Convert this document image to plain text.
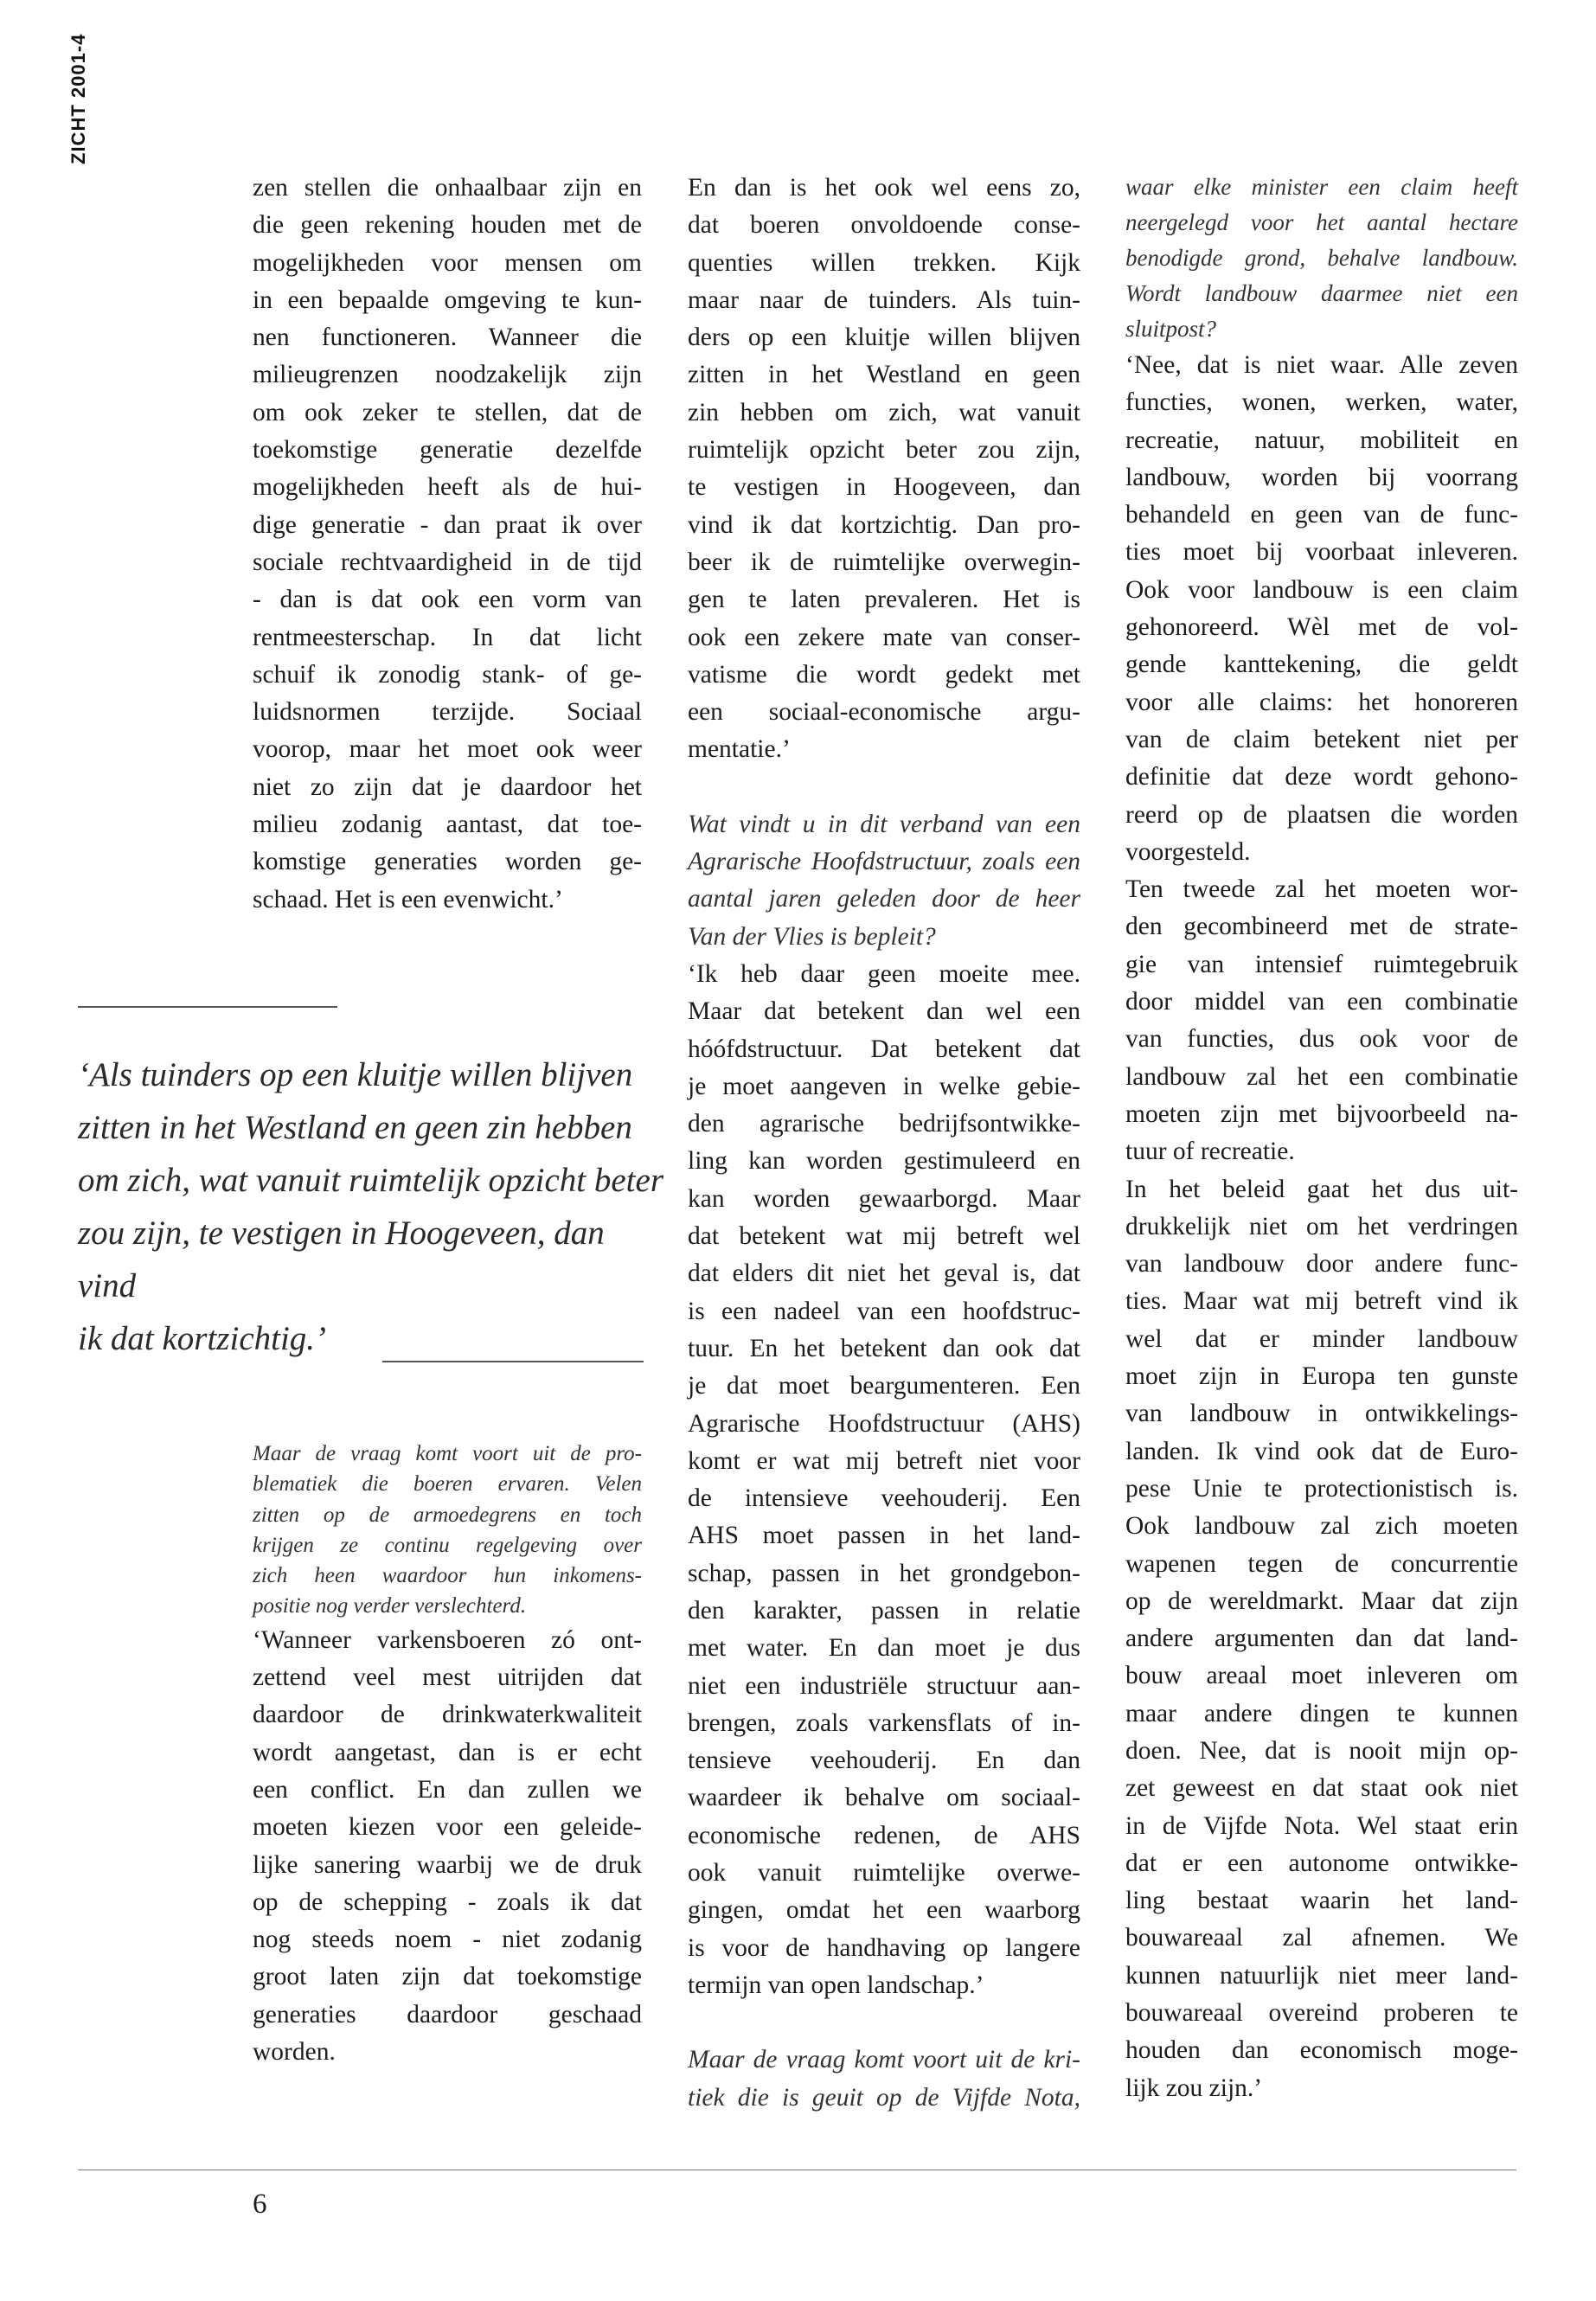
ZICHT 2001-4

zen stellen die onhaalbaar zijn en

die geen rekening houden met de

mogelijkheden voor mensen om

in een bepaalde omgeving te kun-

nen functioneren. Wanneer die

milieugrenzen noodzakelijk zijn

om ook zeker te stellen, dat de

toekomstige generatie dezelfde

mogelijkheden heeft als de hui-

dige generatie - dan praat ik over

sociale rechtvaardigheid in de tijd

- dan is dat ook een vorm van

rentmeesterschap. In dat licht

schuif ik zonodig stank- of ge-

luidsnormen terzijde. Sociaal

voorop, maar het moet ook weer

niet zo zijn dat je daardoor het

milieu zodanig aantast, dat toe-

komstige generaties worden ge-

schaad. Het is een evenwicht.’

‘Als tuinders op een kluitje willen blijven

zitten in het Westland en geen zin hebben

om zich, wat vanuit ruimtelijk opzicht beter

zou zijn, te vestigen in Hoogeveen, dan vind

ik dat kortzichtig.’

Maar de vraag komt voort uit de pro-

blematiek die boeren ervaren. Velen

zitten op de armoedegrens en toch

krijgen ze continu regelgeving over

zich heen waardoor hun inkomens-

positie nog verder verslechterd.

‘Wanneer varkensboeren zó ont-

zettend veel mest uitrijden dat

daardoor de drinkwaterkwaliteit

wordt aangetast, dan is er echt

een conflict. En dan zullen we

moeten kiezen voor een geleide-

lijke sanering waarbij we de druk

op de schepping - zoals ik dat

nog steeds noem - niet zodanig

groot laten zijn dat toekomstige

generaties daardoor geschaad

worden.

En dan is het ook wel eens zo,

dat boeren onvoldoende conse-

quenties willen trekken. Kijk

maar naar de tuinders. Als tuin-

ders op een kluitje willen blijven

zitten in het Westland en geen

zin hebben om zich, wat vanuit

ruimtelijk opzicht beter zou zijn,

te vestigen in Hoogeveen, dan

vind ik dat kortzichtig. Dan pro-

beer ik de ruimtelijke overwegin-

gen te laten prevaleren. Het is

ook een zekere mate van conser-

vatisme die wordt gedekt met

een sociaal-economische argu-

mentatie.’

Wat vindt u in dit verband van een

Agrarische Hoofdstructuur, zoals een

aantal jaren geleden door de heer

Van der Vlies is bepleit?

‘Ik heb daar geen moeite mee.

Maar dat betekent dan wel een

hóófdstructuur. Dat betekent dat

je moet aangeven in welke gebie-

den agrarische bedrijfsontwikke-

ling kan worden gestimuleerd en

kan worden gewaarborgd. Maar

dat betekent wat mij betreft wel

dat elders dit niet het geval is, dat

is een nadeel van een hoofdstruc-

tuur. En het betekent dan ook dat

je dat moet beargumenteren. Een

Agrarische Hoofdstructuur (AHS)

komt er wat mij betreft niet voor

de intensieve veehouderij. Een

AHS moet passen in het land-

schap, passen in het grondgebon-

den karakter, passen in relatie

met water. En dan moet je dus

niet een industriële structuur aan-

brengen, zoals varkensflats of in-

tensieve veehouderij. En dan

waardeer ik behalve om sociaal-

economische redenen, de AHS

ook vanuit ruimtelijke overwe-

gingen, omdat het een waarborg

is voor de handhaving op langere

termijn van open landschap.’

Maar de vraag komt voort uit de kri-

tiek die is geuit op de Vijfde Nota,

waar elke minister een claim heeft

neergelegd voor het aantal hectare

benodigde grond, behalve landbouw.

Wordt landbouw daarmee niet een

sluitpost?

‘Nee, dat is niet waar. Alle zeven

functies, wonen, werken, water,

recreatie, natuur, mobiliteit en

landbouw, worden bij voorrang

behandeld en geen van de func-

ties moet bij voorbaat inleveren.

Ook voor landbouw is een claim

gehonoreerd. Wèl met de vol-

gende kanttekening, die geldt

voor alle claims: het honoreren

van de claim betekent niet per

definitie dat deze wordt gehono-

reerd op de plaatsen die worden

voorgesteld.

Ten tweede zal het moeten wor-

den gecombineerd met de strate-

gie van intensief ruimtegebruik

door middel van een combinatie

van functies, dus ook voor de

landbouw zal het een combinatie

moeten zijn met bijvoorbeeld na-

tuur of recreatie.

In het beleid gaat het dus uit-

drukkelijk niet om het verdringen

van landbouw door andere func-

ties. Maar wat mij betreft vind ik

wel dat er minder landbouw

moet zijn in Europa ten gunste

van landbouw in ontwikkelings-

landen. Ik vind ook dat de Euro-

pese Unie te protectionistisch is.

Ook landbouw zal zich moeten

wapenen tegen de concurrentie

op de wereldmarkt. Maar dat zijn

andere argumenten dan dat land-

bouw areaal moet inleveren om

maar andere dingen te kunnen

doen. Nee, dat is nooit mijn op-

zet geweest en dat staat ook niet

in de Vijfde Nota. Wel staat erin

dat er een autonome ontwikke-

ling bestaat waarin het land-

bouwareaal zal afnemen. We

kunnen natuurlijk niet meer land-

bouwareaal overeind proberen te

houden dan economisch moge-

lijk zou zijn.’

6
